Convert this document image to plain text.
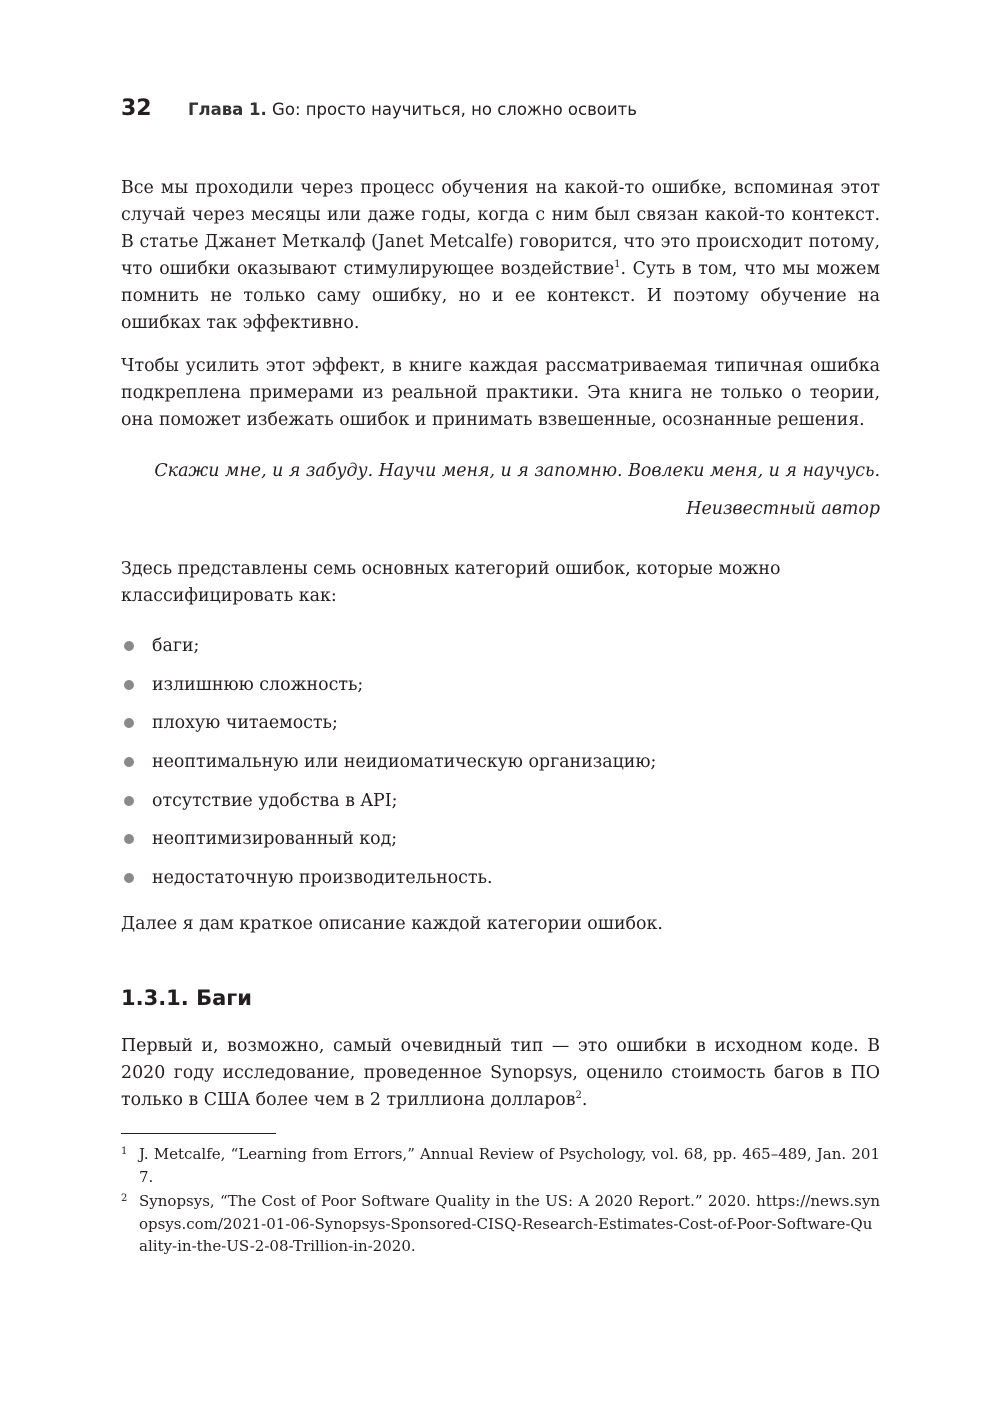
32	Глава 1. Go: просто научиться, но сложно освоить

Все мы проходили через процесс обучения на какой-то ошибке, вспоминая этот случай через месяцы или даже годы, когда с ним был связан какой-то контекст. В статье Джанет Меткалф (Janet Metcalfe) говорится, что это происходит потому, что ошибки оказывают стимулирующее воздействие$^1$. Суть в том, что мы можем помнить не только саму ошибку, но и ее контекст. И поэтому обучение на ошибках так эффективно.

Чтобы усилить этот эффект, в книге каждая рассматриваемая типичная ошибка подкреплена примерами из реальной практики. Эта книга не только о теории, она поможет избежать ошибок и принимать взвешенные, осознанные решения.

Скажи мне, и я забуду. Научи меня, и я запомню. Вовлеки меня, и я научусь.
Неизвестный автор

Здесь представлены семь основных категорий ошибок, которые можно классифицировать как:

баги;
излишнюю сложность;
плохую читаемость;
неоптимальную или неидиоматическую организацию;
отсутствие удобства в API;
неоптимизированный код;
недостаточную производительность.

Далее я дам краткое описание каждой категории ошибок.

1.3.1. Баги

Первый и, возможно, самый очевидный тип — это ошибки в исходном коде. В 2020 году исследование, проведенное Synopsys, оценило стоимость багов в ПО только в США более чем в 2 триллиона долларов$^2$.

1 J. Metcalfe, “Learning from Errors,” Annual Review of Psychology, vol. 68, pp. 465–489, Jan. 2017.
2 Synopsys, “The Cost of Poor Software Quality in the US: A 2020 Report.” 2020. https://news.synopsys.com/2021-01-06-Synopsys-Sponsored-CISQ-Research-Estimates-Cost-of-Poor-Software-Quality-in-the-US-2-08-Trillion-in-2020.
